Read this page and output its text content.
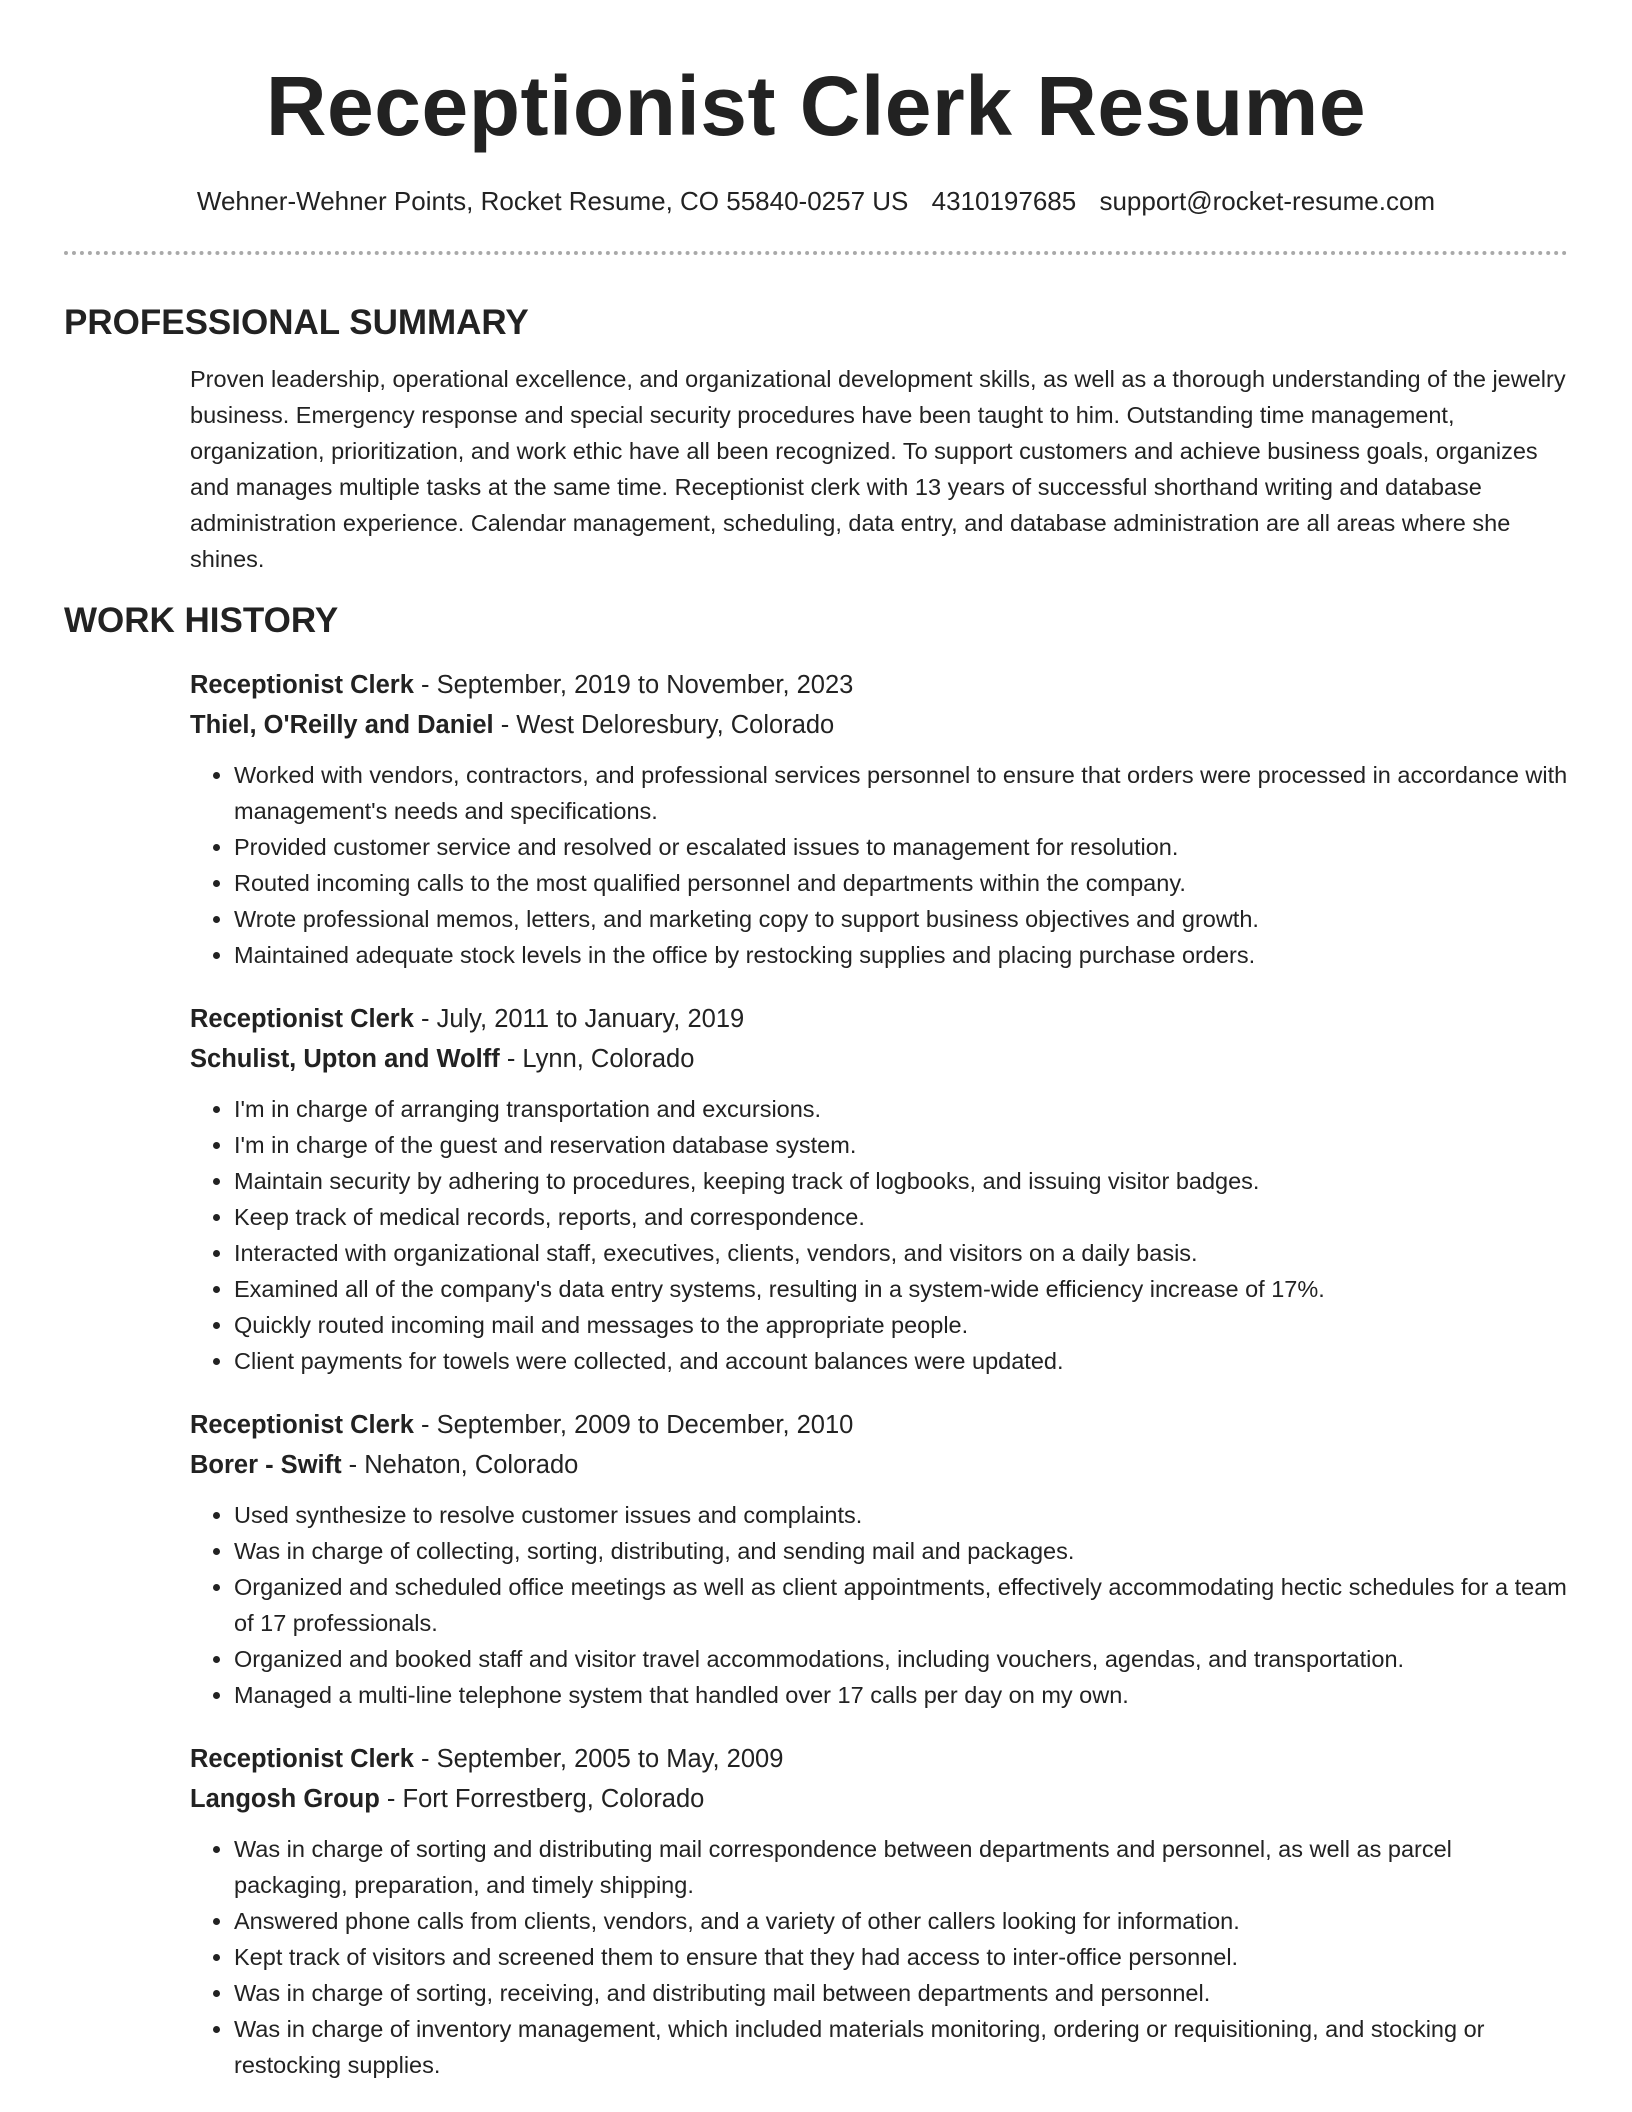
Receptionist Clerk Resume
Wehner-Wehner Points, Rocket Resume, CO 55840-0257 US 4310197685 support@rocket-resume.com
PROFESSIONAL SUMMARY

Proven leadership, operational excellence, and organizational development skills, as well as a thorough understanding of the jewelry business. Emergency response and special security procedures have been taught to him. Outstanding time management, organization, prioritization, and work ethic have all been recognized. To support customers and achieve business goals, organizes and manages multiple tasks at the same time. Receptionist clerk with 13 years of successful shorthand writing and database administration experience. Calendar management, scheduling, data entry, and database administration are all areas where she shines.

WORK HISTORY
Receptionist Clerk - September, 2019 to November, 2023
Thiel, O'Reilly and Daniel - West Deloresbury, Colorado
• Worked with vendors, contractors, and professional services personnel to ensure that orders were processed in accordance with management's needs and specifications.
• Provided customer service and resolved or escalated issues to management for resolution.
• Routed incoming calls to the most qualified personnel and departments within the company.
• Wrote professional memos, letters, and marketing copy to support business objectives and growth.
• Maintained adequate stock levels in the office by restocking supplies and placing purchase orders.
Receptionist Clerk - July, 2011 to January, 2019
Schulist, Upton and Wolff - Lynn, Colorado
• I'm in charge of arranging transportation and excursions.
• I'm in charge of the guest and reservation database system.
• Maintain security by adhering to procedures, keeping track of logbooks, and issuing visitor badges.
• Keep track of medical records, reports, and correspondence.
• Interacted with organizational staff, executives, clients, vendors, and visitors on a daily basis.
• Examined all of the company's data entry systems, resulting in a system-wide efficiency increase of 17%.
• Quickly routed incoming mail and messages to the appropriate people.
• Client payments for towels were collected, and account balances were updated.
Receptionist Clerk - September, 2009 to December, 2010
Borer - Swift - Nehaton, Colorado
• Used synthesize to resolve customer issues and complaints.
• Was in charge of collecting, sorting, distributing, and sending mail and packages.
• Organized and scheduled office meetings as well as client appointments, effectively accommodating hectic schedules for a team of 17 professionals.
• Organized and booked staff and visitor travel accommodations, including vouchers, agendas, and transportation.
• Managed a multi-line telephone system that handled over 17 calls per day on my own.
Receptionist Clerk - September, 2005 to May, 2009
Langosh Group - Fort Forrestberg, Colorado
• Was in charge of sorting and distributing mail correspondence between departments and personnel, as well as parcel packaging, preparation, and timely shipping.
• Answered phone calls from clients, vendors, and a variety of other callers looking for information.
• Kept track of visitors and screened them to ensure that they had access to inter-office personnel.
• Was in charge of sorting, receiving, and distributing mail between departments and personnel.
• Was in charge of inventory management, which included materials monitoring, ordering or requisitioning, and stocking or restocking supplies.
